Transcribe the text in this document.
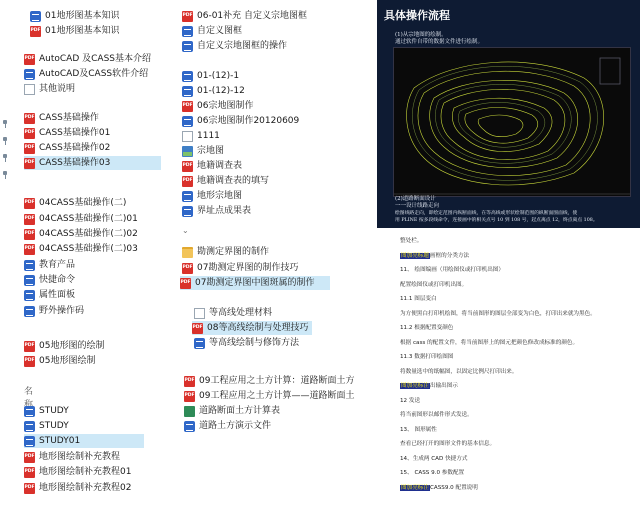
01地形图基本知识
PDF
01地形图基本知识
PDF
AutoCAD 及CASS基本介绍
AutoCAD及CASS软件介绍
其他说明
PDF
CASS基础操作
PDF
CASS基础操作01
PDF
CASS基础操作02
PDF
CASS基础操作03
PDF
04CASS基础操作(二)
PDF
04CASS基础操作(二)01
PDF
04CASS基础操作(二)02
PDF
04CASS基础操作(二)03
教育产品
快捷命令
属性面板
野外操作码
PDF
05地形图的绘制
PDF
05地形图绘制
名
STUDY
STUDY
STUDY01
PDF
地形图绘制补充教程
PDF
地形图绘制补充教程01
PDF
地形图绘制补充教程02
PDF
06-01补充 自定义宗地图框
自定义图框
自定义宗地图框的操作
01-(12)-1
01-(12)-12
PDF
06宗地图制作
06宗地图制作20120609
1111
宗地图
PDF
地籍调查表
PDF
地籍调查表的填写
地形宗地图
界址点成果表
⌄
勘测定界图的制作
PDF
07勘测定界图的制作技巧
PDF
07勘测定界图中图斑属的制作
等高线处理材料
PDF
08等高线绘制与处理技巧
等高线绘制与修饰方法
PDF
09工程应用之土方计算：道路断面土方
PDF
09工程应用之土方计算——道路断面土
道路断面土方计算表
道路土方演示文件
具体操作流程
(1)从宗地图的绘制。
通过软件自带的数据文件进行绘制。
(2)道路断面设计
一一设计线路走向
绘图线路走向，即绘定范围内纵断面线，在等高线或形状绘制范围的纵断面图面线，使
用 PLINE 按多段线命令，连接画中的相关点号 10 到 108 号，起点离点 12，终点离点 108。
整处栏。
图加亮标题画框的分类方法
11、 绘图编画（用绘图仪或打印机出图）
配置绘图仪或打印机出图。
11.1 图层变白
为方便黑白打印机绘图，将当前图形的图层全部变为白色，打印出来就为黑色。
11.2 根据配置变颜色
根据 cass 的配置文件，将当前图形上的图元把颜色修改成标准的颜色。
11.3 数据打印绘图图
将数量选中的纸幅图，以固定比例尺打印出来。
图加亮标注出输出图示
12 发送
将当前图形以邮件形式发送。
13、 图形属性
查看已经打开的图形文件的基本信息。
14、生成两 CAD 快捷方式
15、 CASS 9.0 参数配置
图加亮标注CASS9.0 配置说明
